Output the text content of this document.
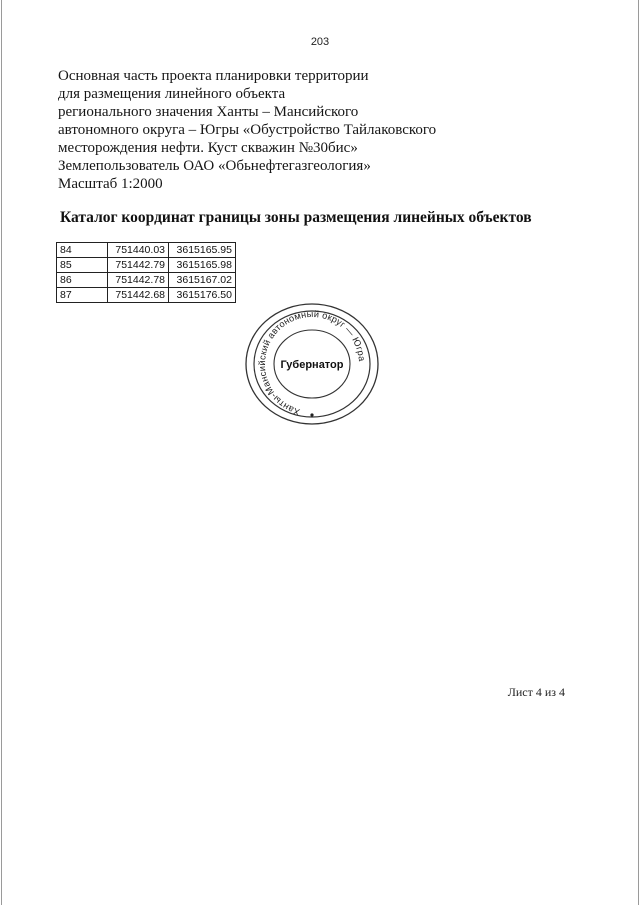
203
Основная часть проекта планировки территории
для размещения линейного объекта
регионального значения Ханты – Мансийского
автономного округа – Югры «Обустройство Тайлаковского
месторождения нефти. Куст скважин №30бис»
Землепользователь ОАО «Обьнефтегазгеология»
Масштаб 1:2000
Каталог координат границы зоны размещения линейных объектов
84	751440.03	3615165.95
85	751442.79	3615165.98
86	751442.78	3615167.02
87	751442.68	3615176.50
Ханты-Мансийский автономный округ — Югра
Губернатор
Лист 4 из 4
